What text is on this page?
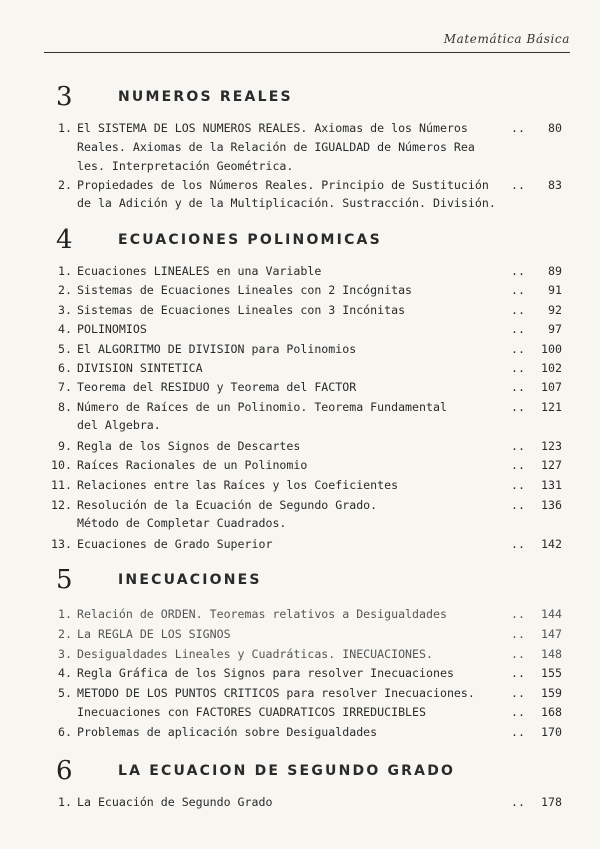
Matemática Básica
3	NUMEROS REALES
1. El SISTEMA DE LOS NUMEROS REALES. Axiomas de los Números	..	80
Reales. Axiomas de la Relación de IGUALDAD de Números Rea
les. Interpretación Geométrica.
2. Propiedades de los Números Reales. Principio de Sustitución ..	83
de la Adición y de la Multiplicación. Sustracción. División.
4	ECUACIONES POLINOMICAS
1. Ecuaciones LINEALES en una Variable	..	89
2. Sistemas de Ecuaciones Lineales con 2 Incógnitas	..	91
3. Sistemas de Ecuaciones Lineales con 3 Incónitas	..	92
4. POLINOMIOS	..	97
5. El ALGORITMO DE DIVISION para Polinomios	..	100
6. DIVISION SINTETICA	..	102
7. Teorema del RESIDUO y Teorema del FACTOR	..	107
8. Número de Raíces de un Polinomio. Teorema Fundamental	..	121
del Algebra.
9. Regla de los Signos de Descartes	..	123
10. Raíces Racionales de un Polinomio	..	127
11. Relaciones entre las Raíces y los Coeficientes	..	131
12. Resolución de la Ecuación de Segundo Grado.	..	136
Método de Completar Cuadrados.
13. Ecuaciones de Grado Superior	..	142
5	INECUACIONES
1. Relación de ORDEN. Teoremas relativos a Desigualdades	..	144
2. La REGLA DE LOS SIGNOS	..	147
3. Desigualdades Lineales y Cuadráticas. INECUACIONES.	..	148
4. Regla Gráfica de los Signos para resolver Inecuaciones	..	155
5. METODO DE LOS PUNTOS CRITICOS para resolver Inecuaciones.	..	159
Inecuaciones con FACTORES CUADRATICOS IRREDUCIBLES	..	168
6. Problemas de aplicación sobre Desigualdades	..	170
6	LA ECUACION DE SEGUNDO GRADO
1. La Ecuación de Segundo Grado	..	178
